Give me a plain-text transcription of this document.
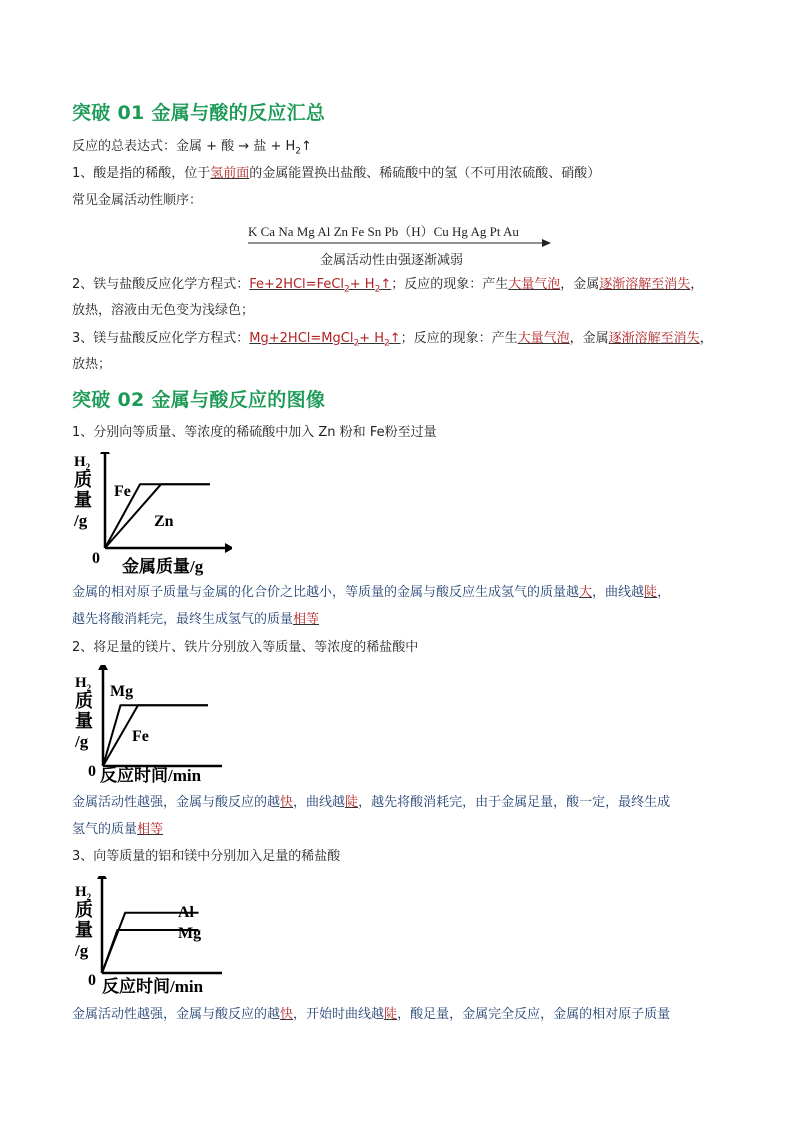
突破 01 金属与酸的反应汇总
反应的总表达式：金属 + 酸 → 盐 + $H_2↑$
1、酸是指的稀酸，位于氢前面的金属能置换出盐酸、稀硫酸中的氢（不可用浓硫酸、硝酸）
常见金属活动性顺序：
K Ca Na Mg Al Zn Fe Sn Pb（H）Cu Hg Ag Pt Au
金属活动性由强逐渐减弱
2、铁与盐酸反应化学方程式：Fe+2HCl=FeCl$_2$+ $H_2↑$；反应的现象：产生大量气泡，金属逐渐溶解至消失，
放热，溶液由无色变为浅绿色；
3、镁与盐酸反应化学方程式：Mg+2HCl=MgCl$_2$+ $H_2↑$；反应的现象：产生大量气泡，金属逐渐溶解至消失，
放热；
突破 02 金属与酸反应的图像
1、分别向等质量、等浓度的稀硫酸中加入 Zn 粉和 Fe粉至过量
$H_2$
质
量
/g
金属质量/g
0
Fe
Zn
金属的相对原子质量与金属的化合价之比越小，等质量的金属与酸反应生成氢气的质量越大，曲线越陡，
越先将酸消耗完，最终生成氢气的质量相等
2、将足量的镁片、铁片分别放入等质量、等浓度的稀盐酸中
$H_2$
质
量
/g
反应时间/min
0
Mg
Fe
金属活动性越强，金属与酸反应的越快，曲线越陡，越先将酸消耗完，由于金属足量，酸一定，最终生成
氢气的质量相等
3、向等质量的铝和镁中分别加入足量的稀盐酸
$H_2$
质
量
/g
反应时间/min
0
Al
Mg
金属活动性越强，金属与酸反应的越快，开始时曲线越陡，酸足量，金属完全反应，金属的相对原子质量
